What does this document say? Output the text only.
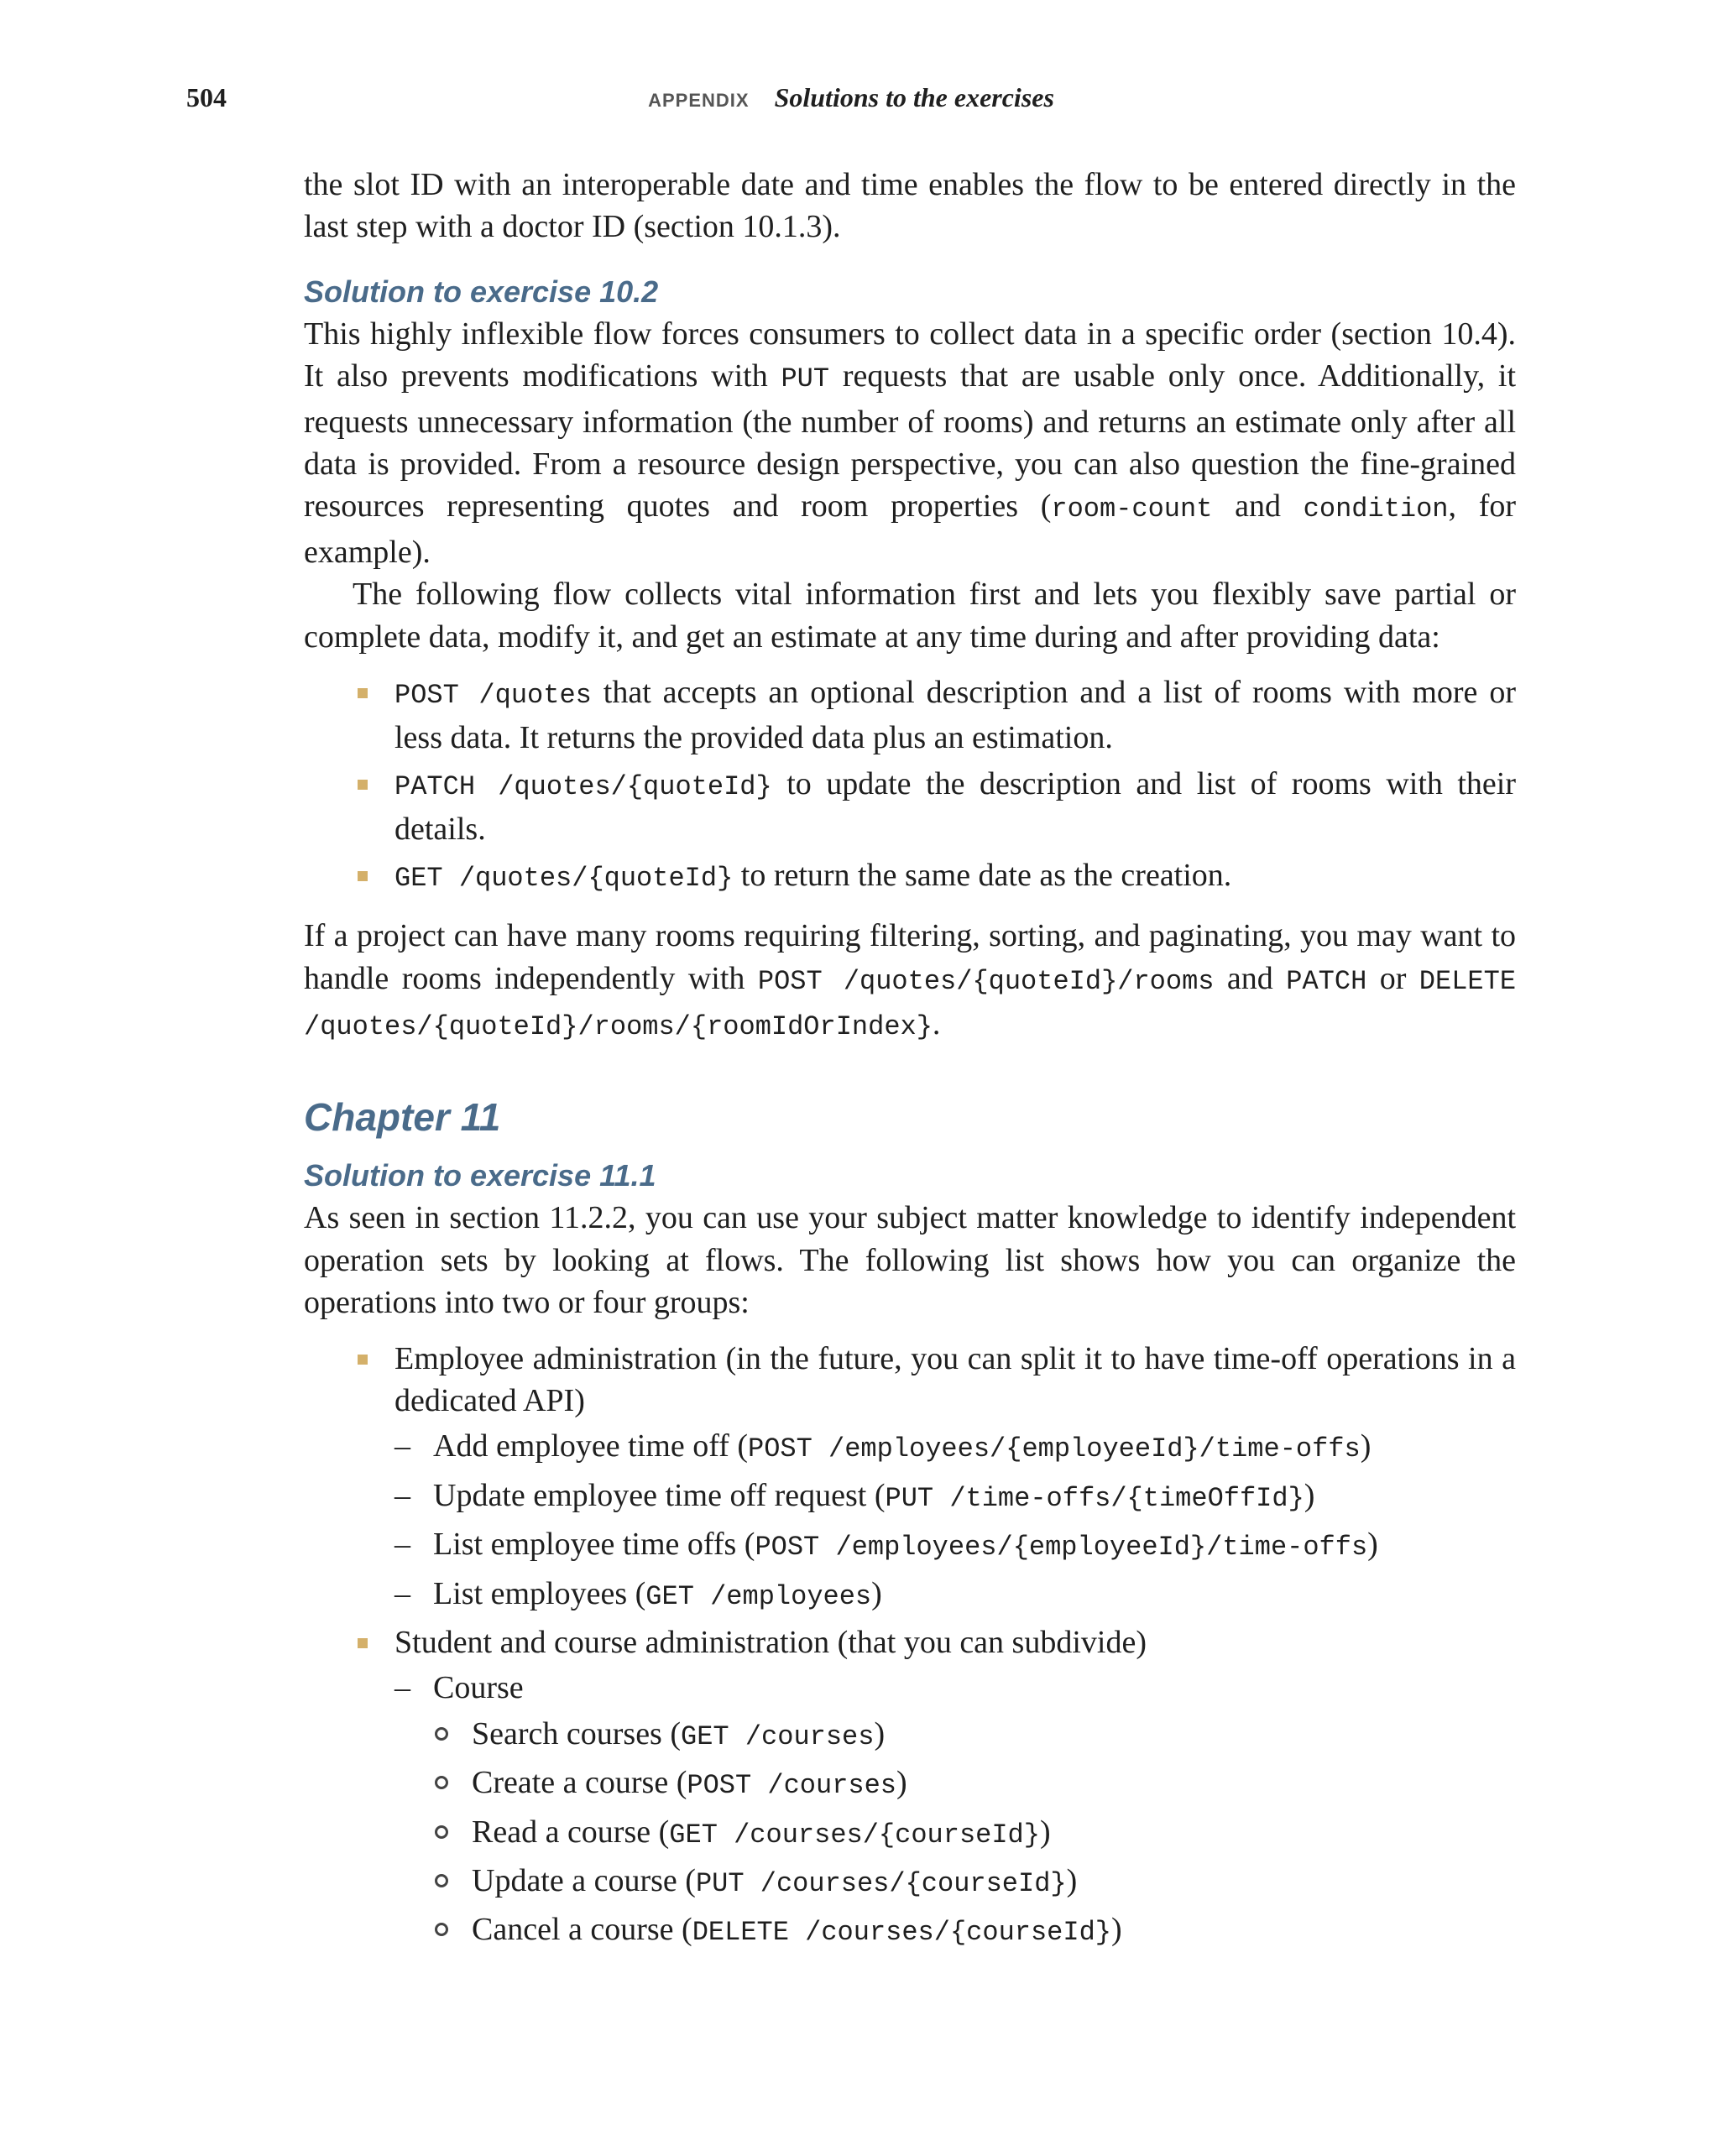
504	APPENDIX Solutions to the exercises

the slot ID with an interoperable date and time enables the flow to be entered directly in the last step with a doctor ID (section 10.1.3).

Solution to exercise 10.2

This highly inflexible flow forces consumers to collect data in a specific order (section 10.4). It also prevents modifications with PUT requests that are usable only once. Additionally, it requests unnecessary information (the number of rooms) and returns an estimate only after all data is provided. From a resource design perspective, you can also question the fine-grained resources representing quotes and room properties (room-count and condition, for example).

The following flow collects vital information first and lets you flexibly save partial or complete data, modify it, and get an estimate at any time during and after providing data:

POST /quotes that accepts an optional description and a list of rooms with more or less data. It returns the provided data plus an estimation.
PATCH /quotes/{quoteId} to update the description and list of rooms with their details.
GET /quotes/{quoteId} to return the same date as the creation.

If a project can have many rooms requiring filtering, sorting, and paginating, you may want to handle rooms independently with POST /quotes/{quoteId}/rooms and PATCH or DELETE /quotes/{quoteId}/rooms/{roomIdOrIndex}.

Chapter 11
Solution to exercise 11.1

As seen in section 11.2.2, you can use your subject matter knowledge to identify independent operation sets by looking at flows. The following list shows how you can organize the operations into two or four groups:

Employee administration (in the future, you can split it to have time-off operations in a dedicated API)
– Add employee time off (POST /employees/{employeeId}/time-offs)
– Update employee time off request (PUT /time-offs/{timeOffId})
– List employee time offs (POST /employees/{employeeId}/time-offs)
– List employees (GET /employees)
Student and course administration (that you can subdivide)
– Course
Search courses (GET /courses)
Create a course (POST /courses)
Read a course (GET /courses/{courseId})
Update a course (PUT /courses/{courseId})
Cancel a course (DELETE /courses/{courseId})
